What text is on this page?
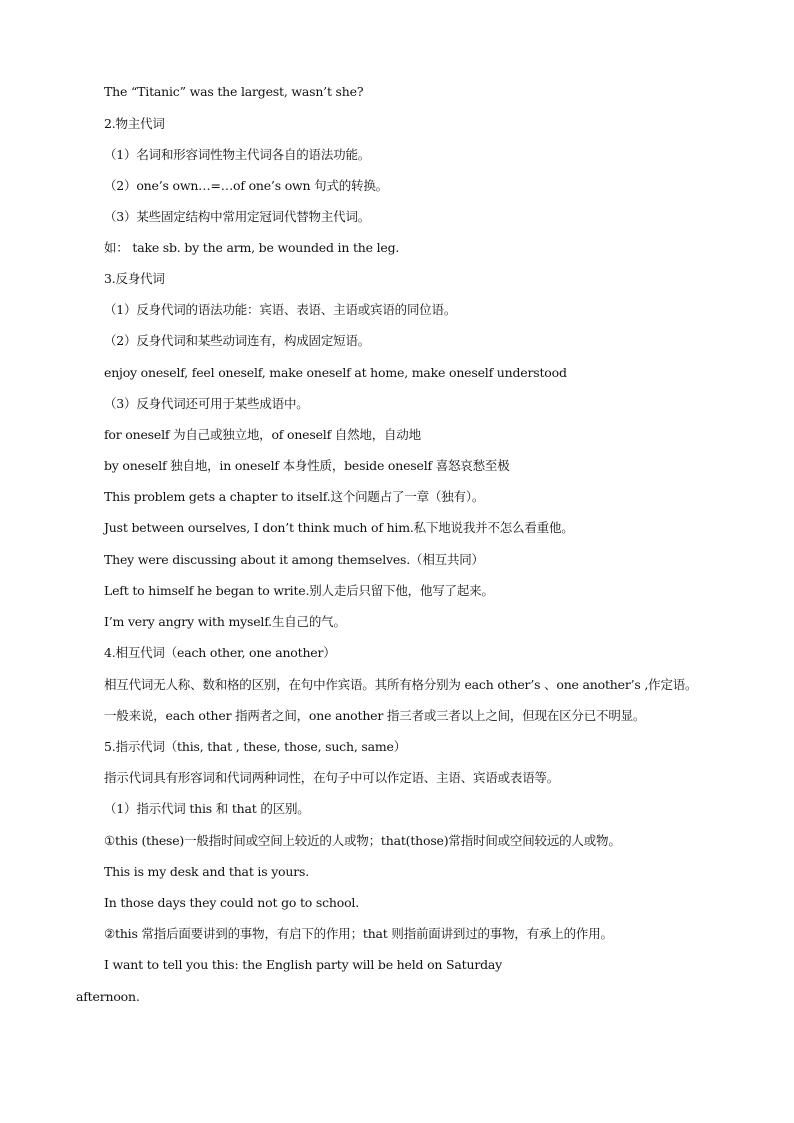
The “Titanic” was the largest, wasn’t she?
2.物主代词
（1）名词和形容词性物主代词各自的语法功能。
（2）one’s own…=…of one’s own 句式的转换。
（3）某些固定结构中常用定冠词代替物主代词。
如： take sb. by the arm, be wounded in the leg.
3.反身代词
（1）反身代词的语法功能：宾语、表语、主语或宾语的同位语。
（2）反身代词和某些动词连有，构成固定短语。
enjoy oneself, feel oneself, make oneself at home, make oneself understood
（3）反身代词还可用于某些成语中。
for oneself 为自己或独立地，of oneself 自然地，自动地
by oneself 独自地，in oneself 本身性质，beside oneself 喜怒哀愁至极
This problem gets a chapter to itself.这个问题占了一章（独有）。
Just between ourselves, I don’t think much of him.私下地说我并不怎么看重他。
They were discussing about it among themselves.（相互共同）
Left to himself he began to write.别人走后只留下他，他写了起来。
I’m very angry with myself.生自己的气。
4.相互代词（each other, one another）
相互代词无人称、数和格的区别，在句中作宾语。其所有格分别为 each other’s 、one another’s ,作定语。
一般来说，each other 指两者之间，one another 指三者或三者以上之间，但现在区分已不明显。
5.指示代词（this, that , these, those, such, same）
指示代词具有形容词和代词两种词性，在句子中可以作定语、主语、宾语或表语等。
（1）指示代词 this 和 that 的区别。
①this (these)一般指时间或空间上较近的人或物；that(those)常指时间或空间较远的人或物。
This is my desk and that is yours.
In those days they could not go to school.
②this 常指后面要讲到的事物，有启下的作用；that 则指前面讲到过的事物，有承上的作用。
I want to tell you this: the English party will be held on Saturday
afternoon.
